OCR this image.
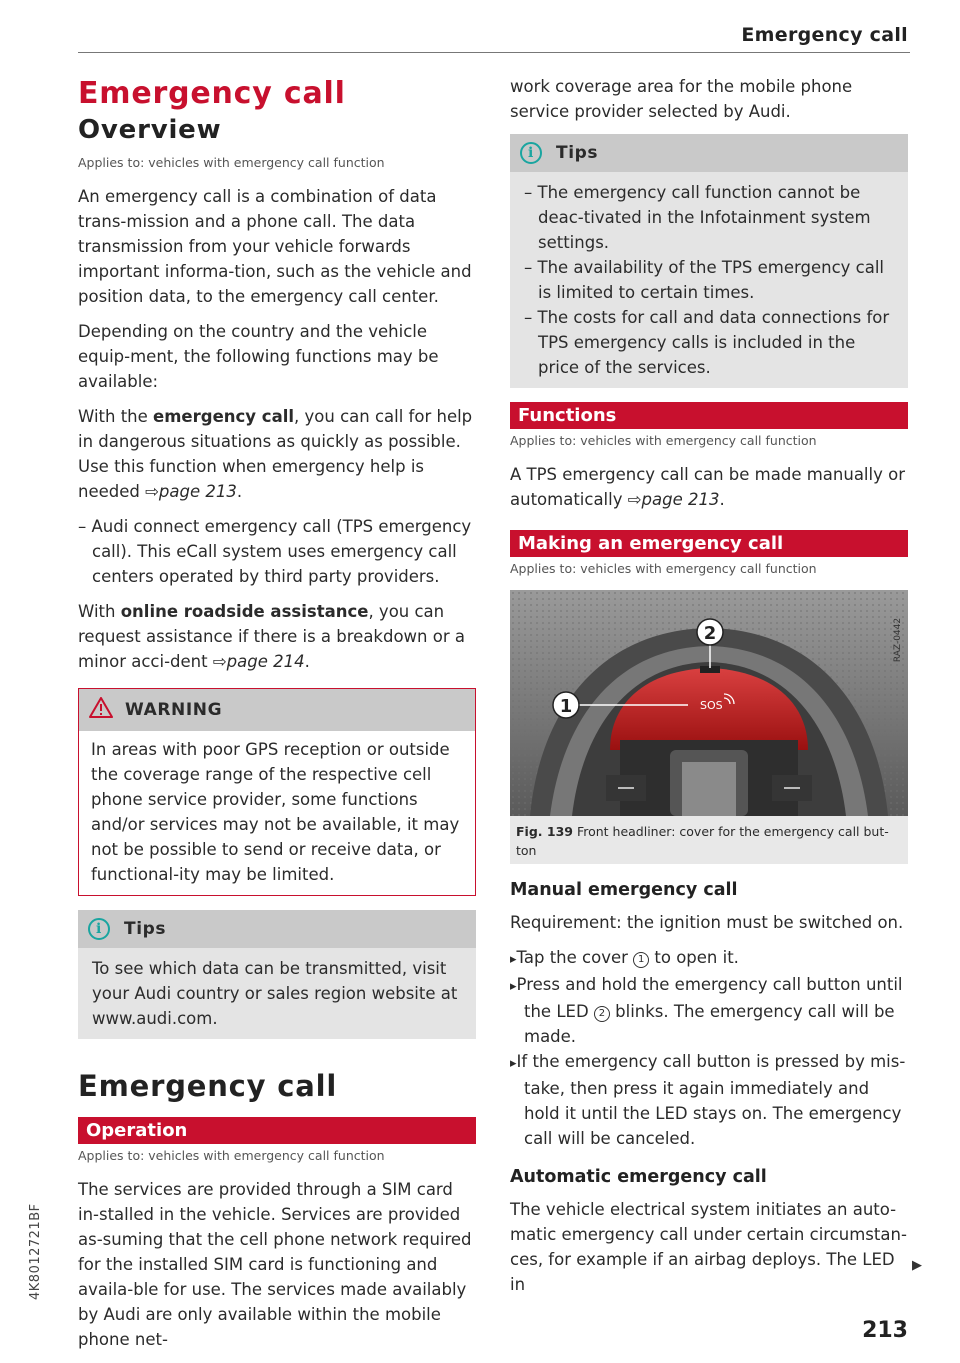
Emergency call
Emergency call
Overview
Applies to: vehicles with emergency call function

An emergency call is a combination of data trans-mission and a phone call. The data transmission from your vehicle forwards important informa-tion, such as the vehicle and position data, to the emergency call center.

Depending on the country and the vehicle equip-ment, the following functions may be available:

With the emergency call, you can call for help in dangerous situations as quickly as possible. Use this function when emergency help is needed ⇨page 213.

– Audi connect emergency call (TPS emergency call). This eCall system uses emergency call centers operated by third party providers.

With online roadside assistance, you can request assistance if there is a breakdown or a minor acci-dent ⇨page 214.

WARNING

In areas with poor GPS reception or outside the coverage range of the respective cell phone service provider, some functions and/or services may not be available, it may not be possible to send or receive data, or functional-ity may be limited.

i	Tips

To see which data can be transmitted, visit your Audi country or sales region website at www.audi.com.

Emergency call
Operation
Applies to: vehicles with emergency call function

The services are provided through a SIM card in-stalled in the vehicle. Services are provided as-suming that the cell phone network required for the installed SIM card is functioning and availa-ble for use. The services made availably by Audi are only available within the mobile phone net-

work coverage area for the mobile phone service provider selected by Audi.

i	Tips
– The emergency call function cannot be deac-tivated in the Infotainment system settings.
– The availability of the TPS emergency call is limited to certain times.
– The costs for call and data connections for TPS emergency calls is included in the price of the services.
Functions
Applies to: vehicles with emergency call function

A TPS emergency call can be made manually or automatically ⇨page 213.

Making an emergency call
Applies to: vehicles with emergency call function
2
1	SOS
RAZ-0442
Fig. 139 Front headliner: cover for the emergency call but-ton
Manual emergency call

Requirement: the ignition must be switched on.

▸ Tap the cover 1 to open it.
▸ Press and hold the emergency call button until the LED 2 blinks. The emergency call will be made.
▸ If the emergency call button is pressed by mis-take, then press it again immediately and hold it until the LED stays on. The emergency call will be canceled.
Automatic emergency call

The vehicle electrical system initiates an auto-matic emergency call under certain circumstan-ces, for example if an airbag deploys. The LED in

▶
213
4K8012721BF
